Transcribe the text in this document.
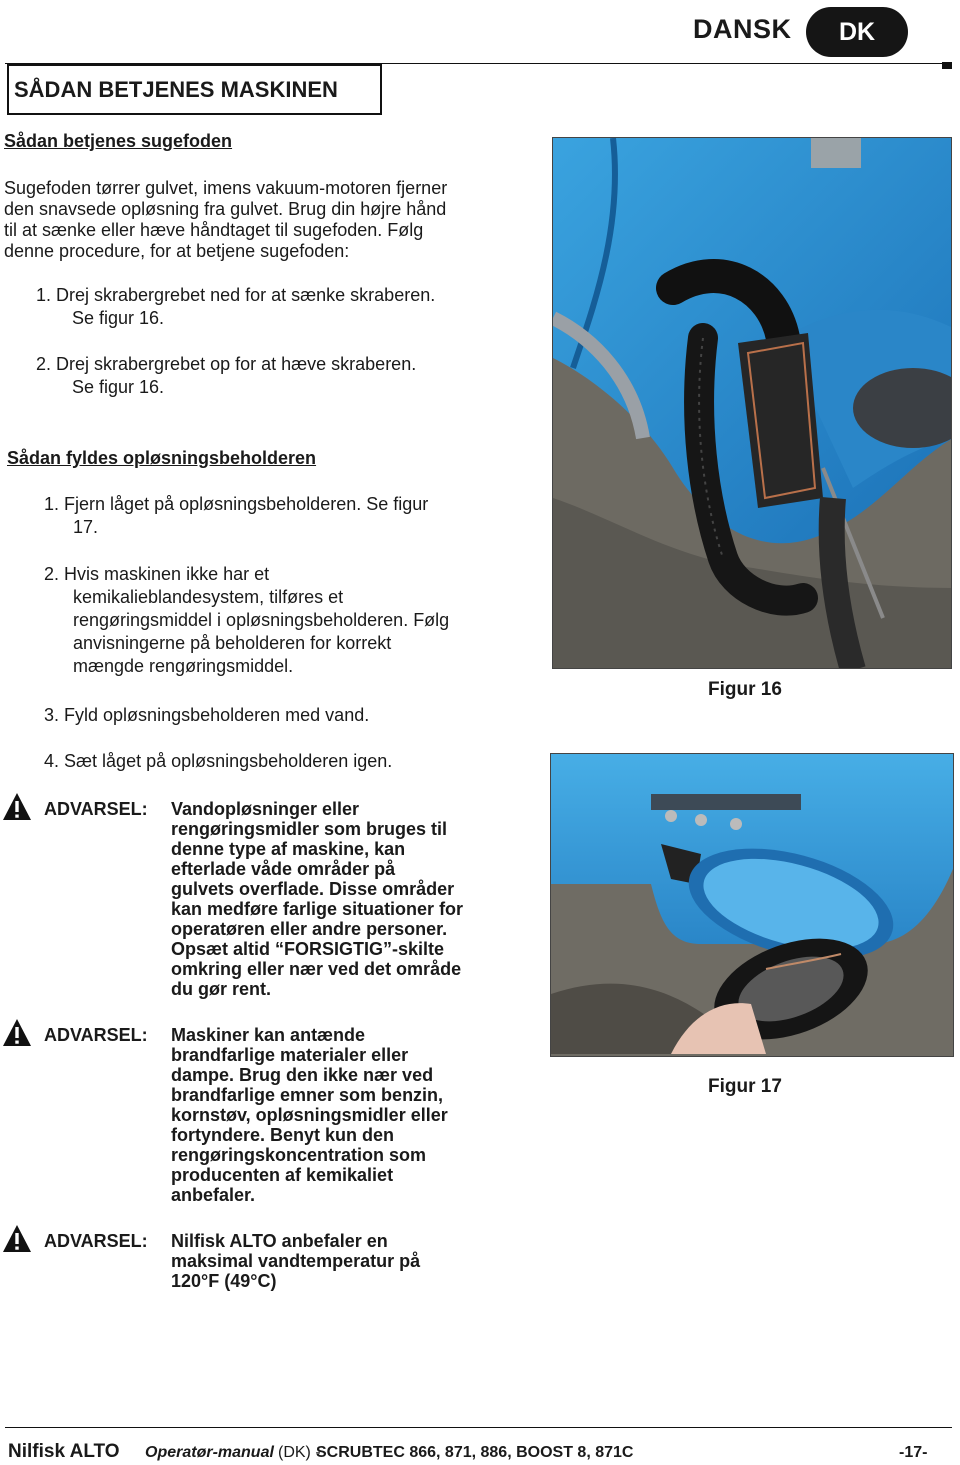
DANSK	DK
SÅDAN BETJENES MASKINEN
Sådan betjenes sugefoden
Sugefoden tørrer gulvet, imens vakuum-motoren fjerner
den snavsede opløsning fra gulvet. Brug din højre hånd
til at sænke eller hæve håndtaget til sugefoden. Følg
denne procedure, for at betjene sugefoden:
1. Drej skrabergrebet ned for at sænke skraberen.
Se figur 16.
2. Drej skrabergrebet op for at hæve skraberen.
Se figur 16.
Sådan fyldes opløsningsbeholderen
1. Fjern låget på opløsningsbeholderen. Se figur
17.
2. Hvis maskinen ikke har et
kemikalieblandesystem, tilføres et
rengøringsmiddel i opløsningsbeholderen. Følg
anvisningerne på beholderen for korrekt
mængde rengøringsmiddel.
3. Fyld opløsningsbeholderen med vand.
4. Sæt låget på opløsningsbeholderen igen.
ADVARSEL: Vandopløsninger eller
rengøringsmidler som bruges til
denne type af maskine, kan
efterlade våde områder på
gulvets overflade. Disse områder
kan medføre farlige situationer for
operatøren eller andre personer.
Opsæt altid “FORSIGTIG”-skilte
omkring eller nær ved det område
du gør rent.
ADVARSEL: Maskiner kan antænde
brandfarlige materialer eller
dampe. Brug den ikke nær ved
brandfarlige emner som benzin,
kornstøv, opløsningsmidler eller
fortyndere. Benyt kun den
rengøringskoncentration som
producenten af kemikaliet
anbefaler.
ADVARSEL: Nilfisk ALTO anbefaler en
maksimal vandtemperatur på
120°F (49°C)
Figur 16
Figur 17
Nilfisk ALTO Operatør-manual (DK) -
SCRUBTEC 866, 871, 886, BOOST 8, 871C	-17-
